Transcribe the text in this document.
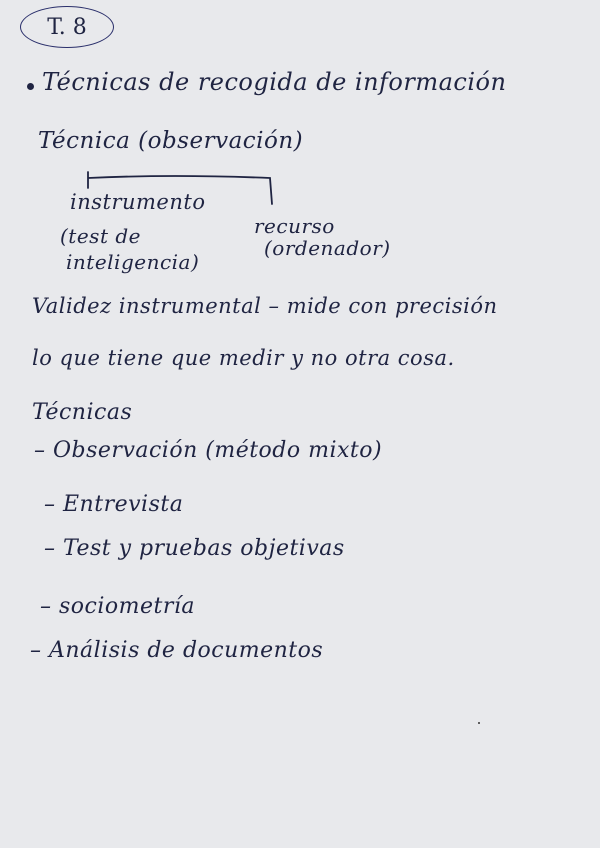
T. 8
Técnicas de recogida de información
Técnica (observación)
instrumento
recurso
(ordenador)
(test de
inteligencia)
Validez instrumental – mide con precisión
lo que tiene que medir y no otra cosa.
Técnicas
– Observación (método mixto)
– Entrevista
– Test y pruebas objetivas
– sociometría
– Análisis de documentos
